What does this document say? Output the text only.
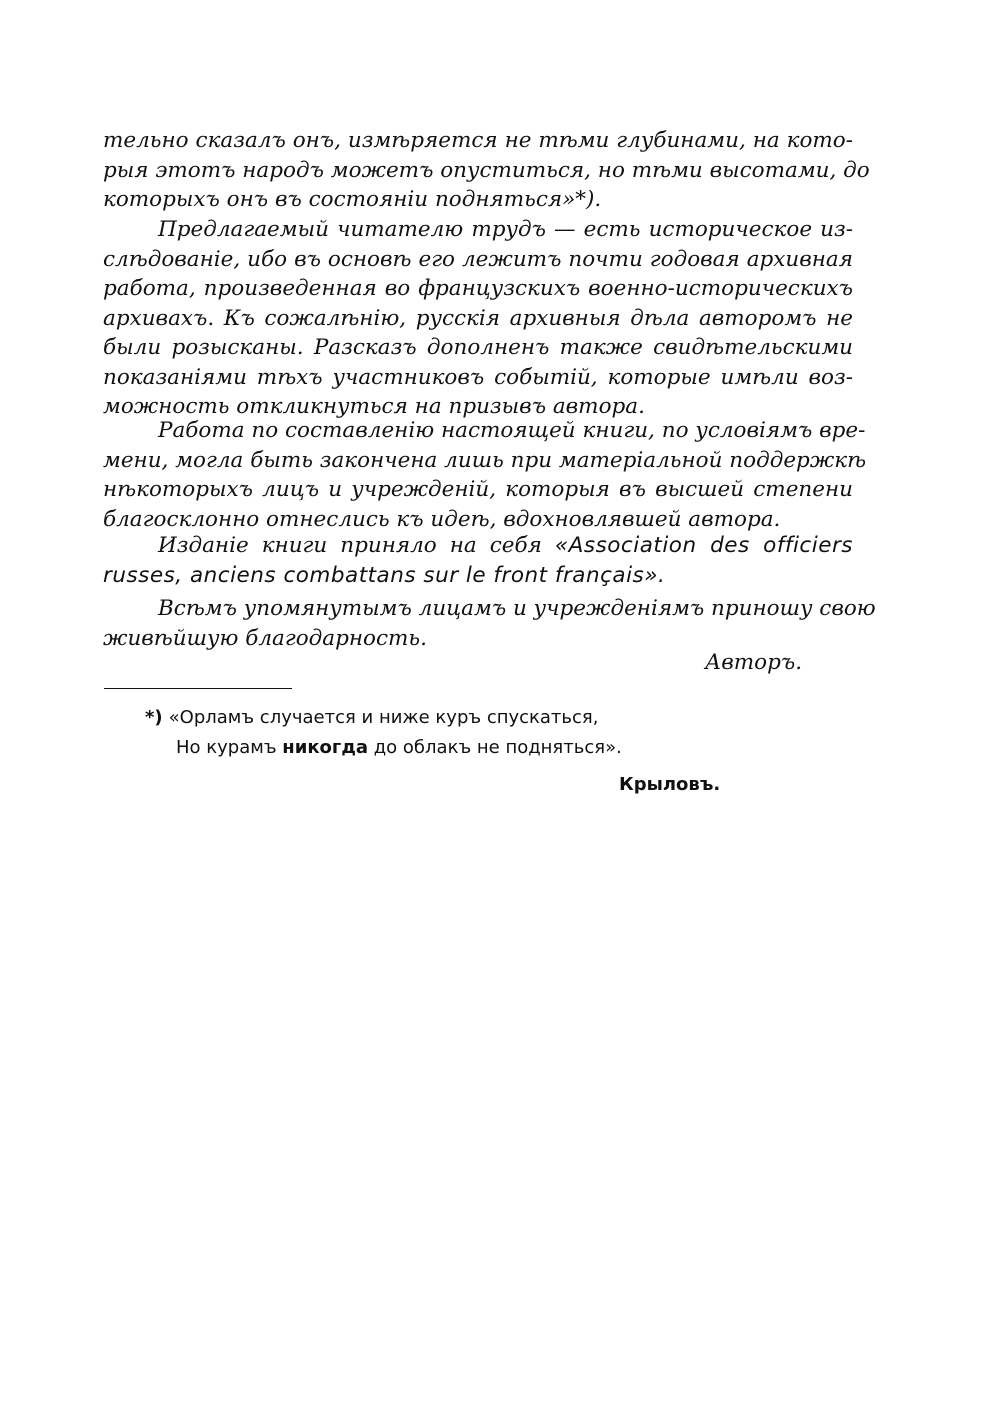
тельно сказалъ онъ, измѣряется не тѣми глубинами, на кото-
рыя этотъ народъ можетъ опуститься, но тѣми высотами, до
которыхъ онъ въ состояніи подняться»*).
Предлагаемый читателю трудъ — есть историческое из-
слѣдованіе, ибо въ основѣ его лежитъ почти годовая архивная
работа, произведенная во французскихъ военно-историческихъ
архивахъ. Къ сожалѣнію, русскія архивныя дѣла авторомъ не
были розысканы. Разсказъ дополненъ также свидѣтельскими
показаніями тѣхъ участниковъ событій, которые имѣли воз-
можность откликнуться на призывъ автора.
Работа по составленію настоящей книги, по условіямъ вре-
мени, могла быть закончена лишь при матеріальной поддержкѣ
нѣкоторыхъ лицъ и учрежденій, которыя въ высшей степени
благосклонно отнеслись къ идеѣ, вдохновлявшей автора.
Изданіе книги приняло на себя «Association des officiers
russes, anciens combattans sur le front français».
Всѣмъ упомянутымъ лицамъ и учрежденіямъ приношу свою
живѣйшую благодарность.
Авторъ.
*) «Орламъ случается и ниже куръ спускаться,
Но курамъ никогда до облакъ не подняться».
Крыловъ.
